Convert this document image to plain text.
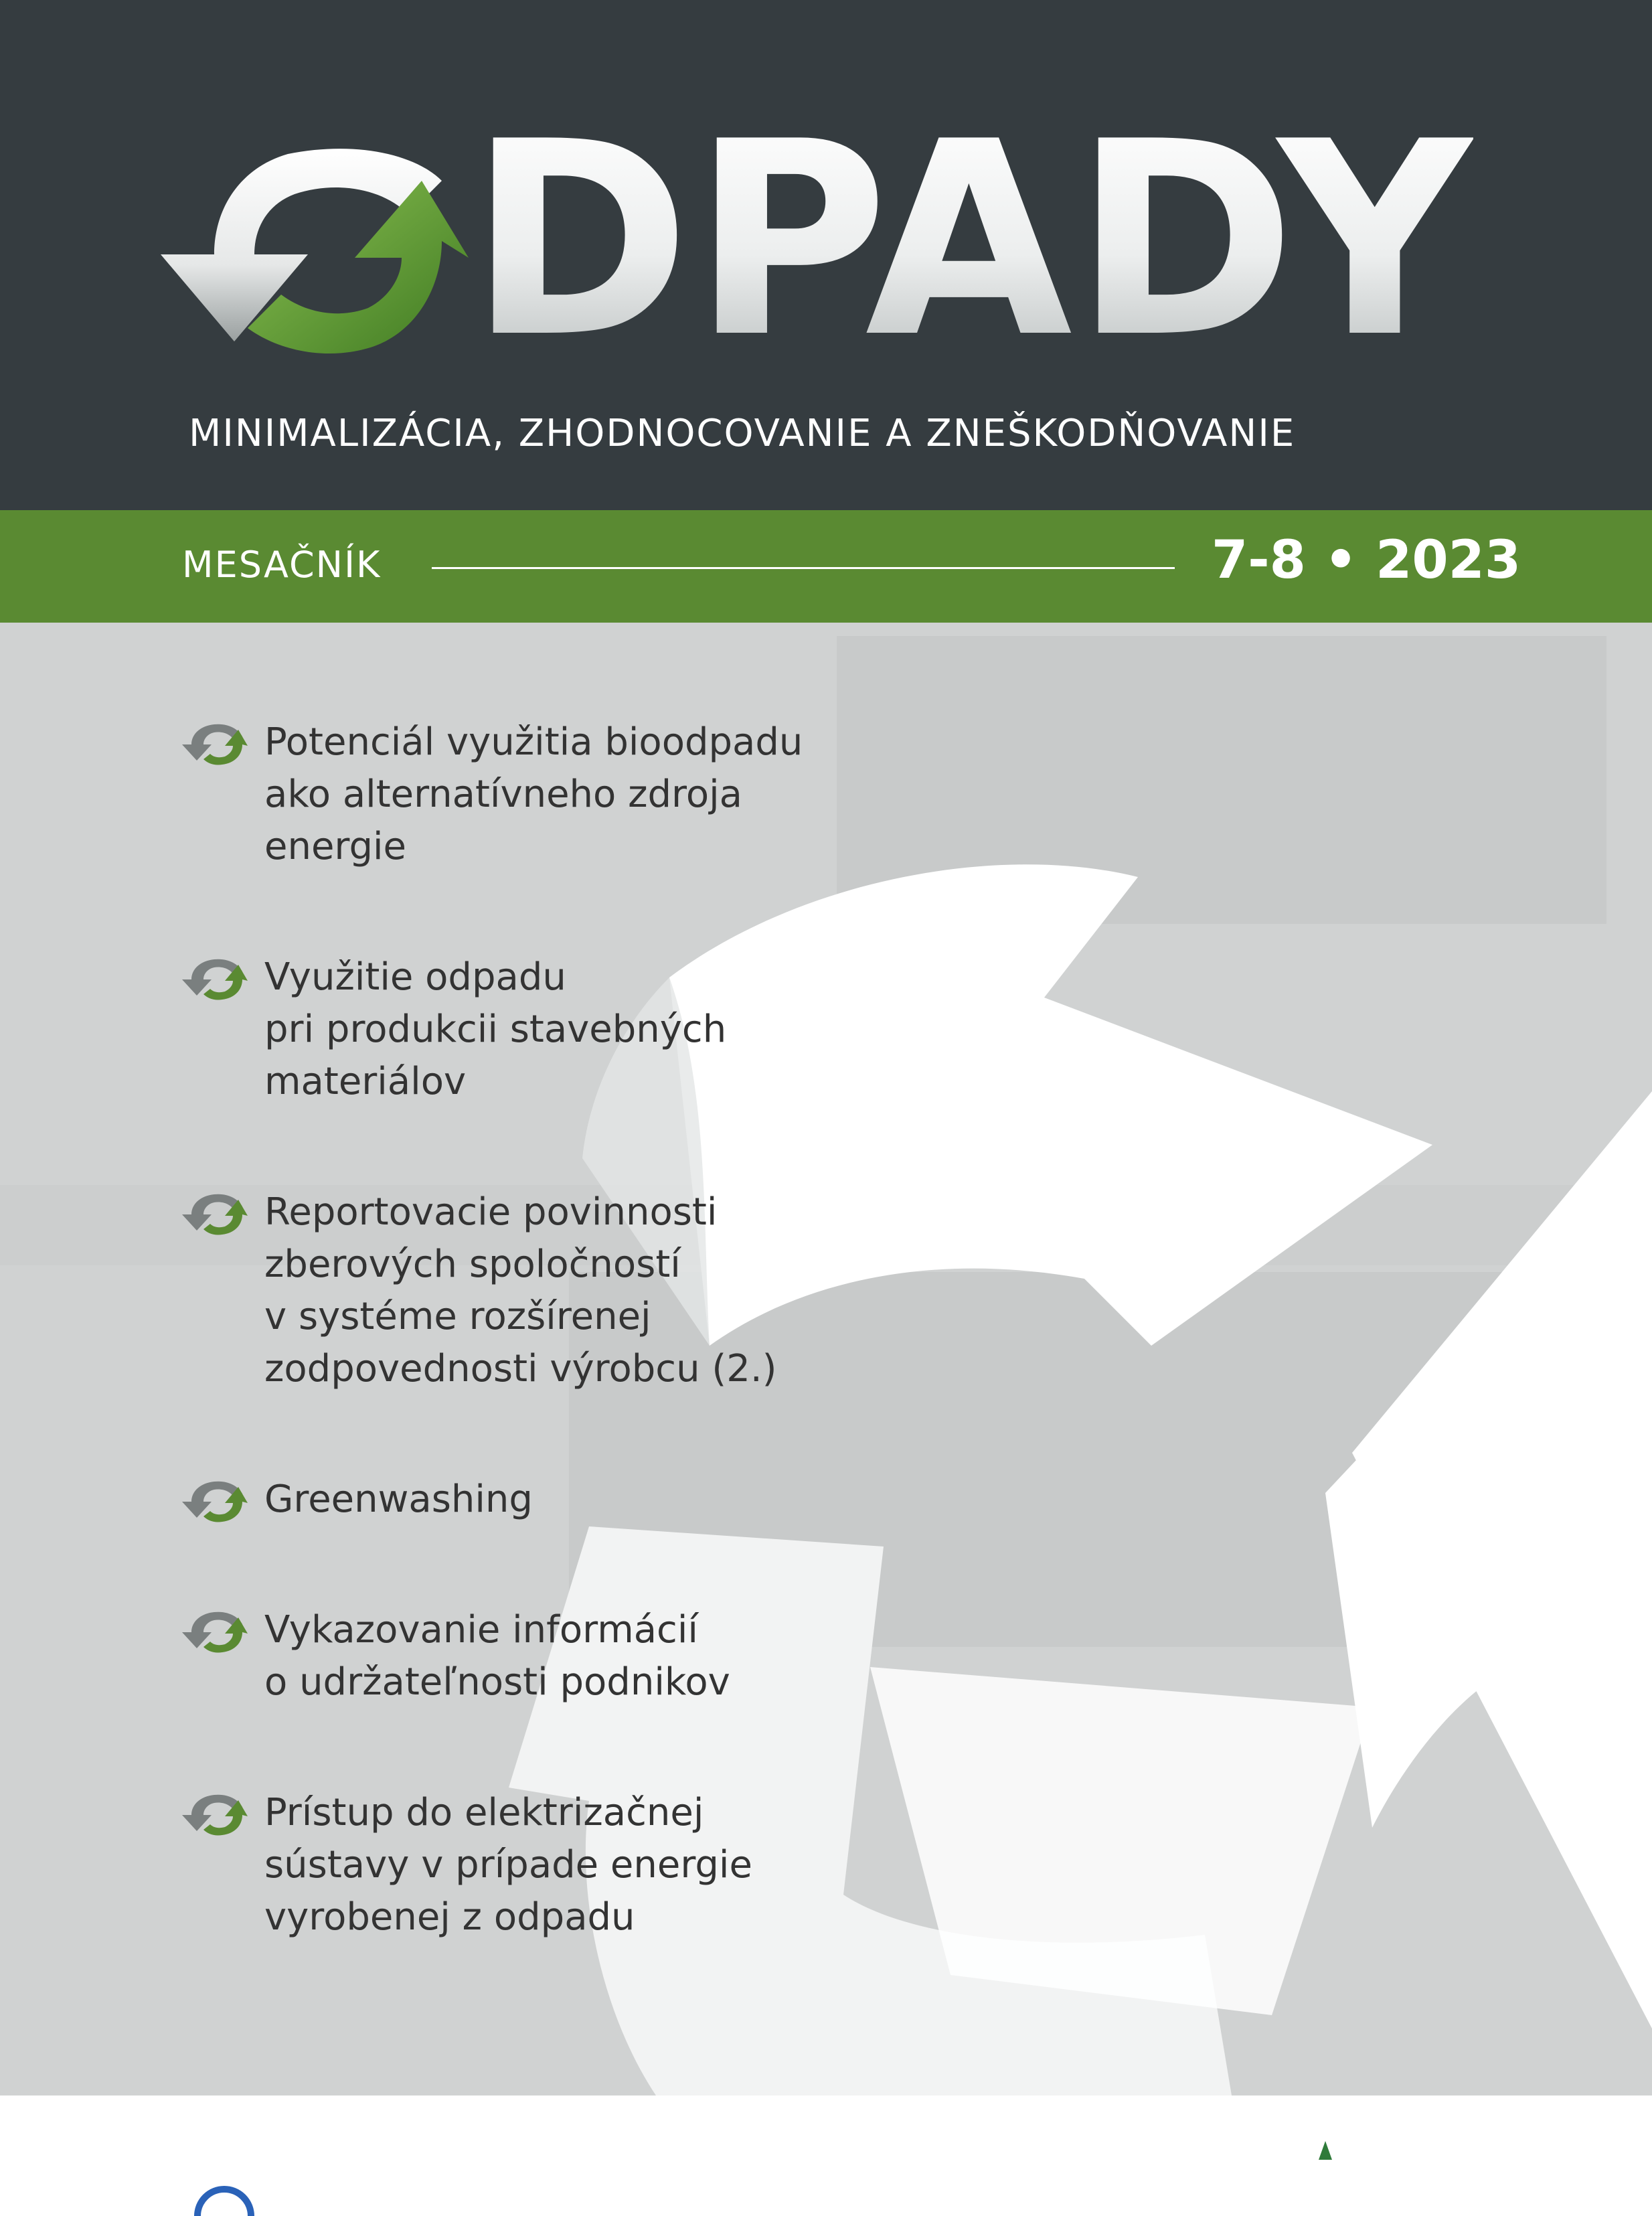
DPADY
MINIMALIZÁCIA, ZHODNOCOVANIE A ZNEŠKODŇOVANIE
MESAČNÍK	7-8 • 2023
Potenciál využitia bioodpadu
ako alternatívneho zdroja
energie
Využitie odpadu
pri produkcii stavebných
materiálov
Reportovacie povinnosti
zberových spoločností
v systéme rozšírenej
zodpovednosti výrobcu (2.)
Greenwashing
Vykazovanie informácií
o udržateľnosti podnikov
Prístup do elektrizačnej
sústavy v prípade energie
vyrobenej z odpadu
